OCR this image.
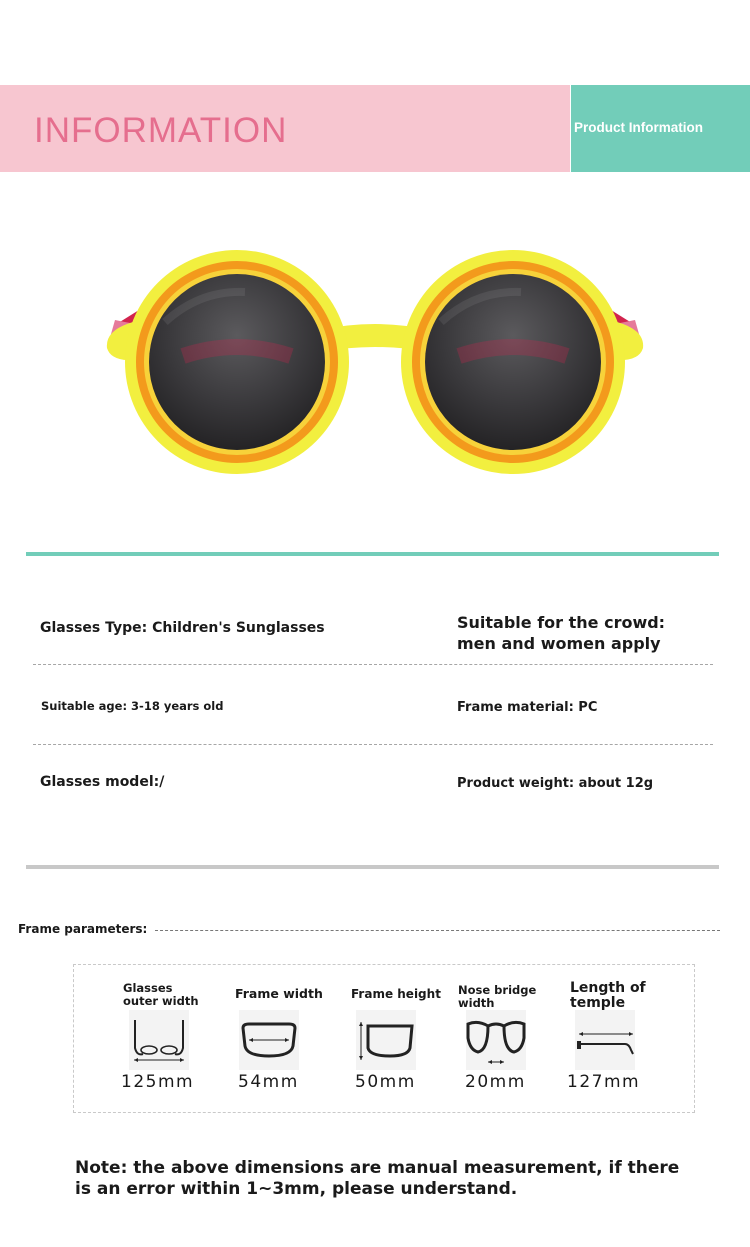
INFORMATION	Product Information
Glasses Type: Children's Sunglasses	Suitable for the crowd:
men and women apply
Suitable age: 3-18 years old	Frame material: PC
Glasses model:/	Product weight: about 12g
Frame parameters:
Glasses
outer width
125mm
Frame width
54mm
Frame height
50mm
Nose bridge
width
20mm
Length of
temple
127mm
Note: the above dimensions are manual measurement, if there is an error within 1~3mm, please understand.
